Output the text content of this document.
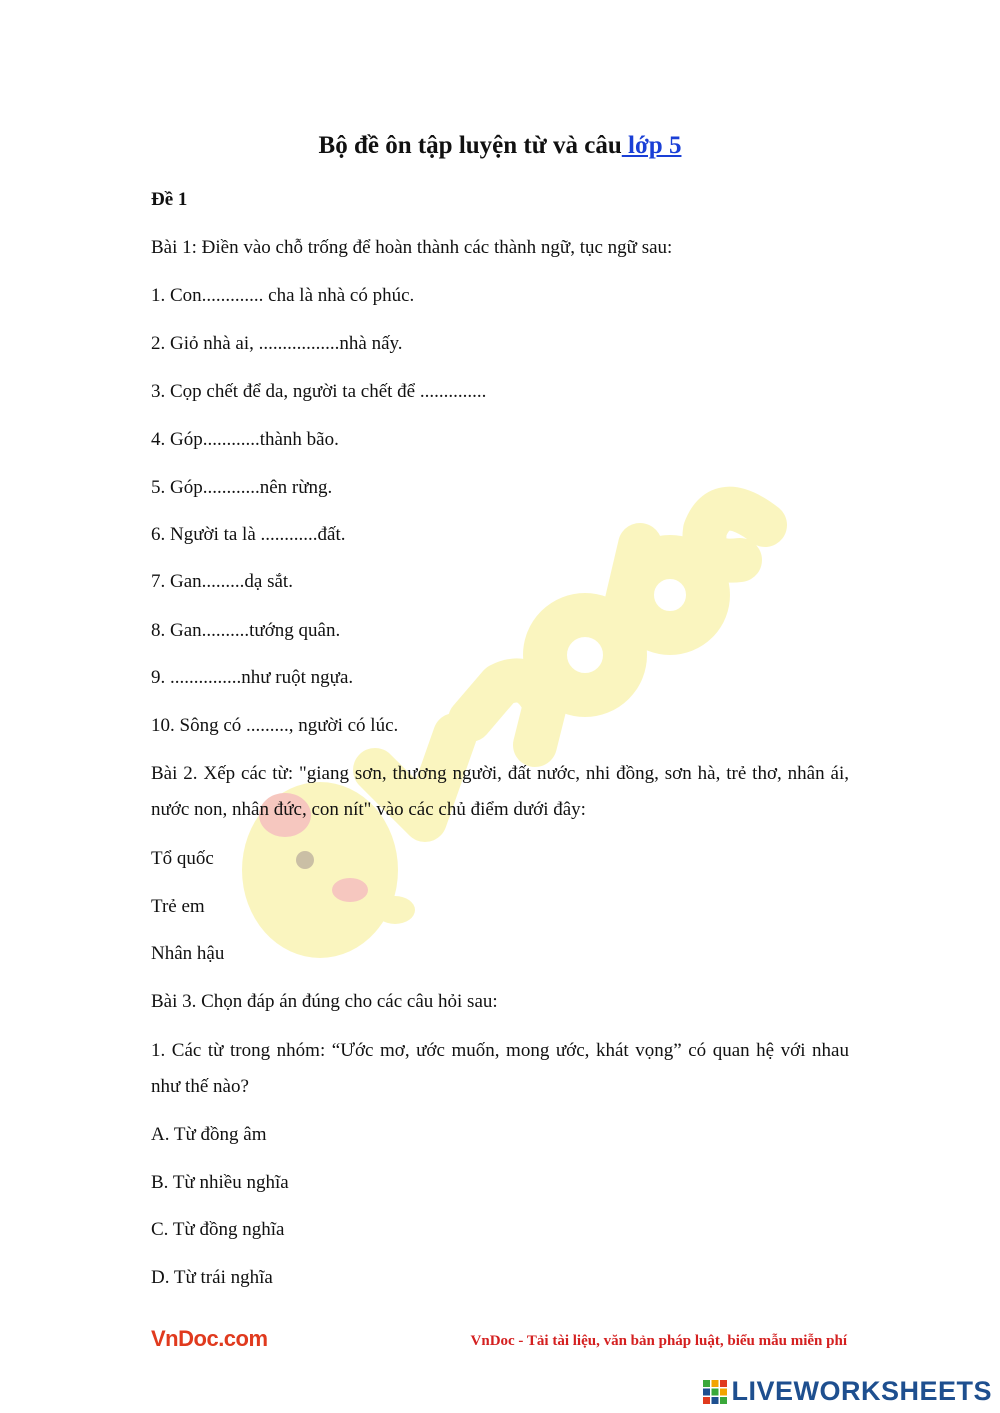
Bộ đề ôn tập luyện từ và câu lớp 5
Đề 1
Bài 1: Điền vào chỗ trống để hoàn thành các thành ngữ, tục ngữ sau:
1. Con............. cha là nhà có phúc.
2. Giỏ nhà ai, .................nhà nấy.
3. Cọp chết để da, người ta chết để ..............
4. Góp............thành bão.
5. Góp............nên rừng.
6. Người ta là ............đất.
7. Gan.........dạ sắt.
8. Gan..........tướng quân.
9. ...............như ruột ngựa.
10. Sông có ........., người có lúc.
Bài 2. Xếp các từ: "giang sơn, thương người, đất nước, nhi đồng, sơn hà, trẻ thơ, nhân ái, nước non, nhân đức, con nít" vào các chủ điểm dưới đây:
Tổ quốc
Trẻ em
Nhân hậu
Bài 3. Chọn đáp án đúng cho các câu hỏi sau:
1. Các từ trong nhóm: “Ước mơ, ước muốn, mong ước, khát vọng” có quan hệ với nhau như thế nào?
A. Từ đồng âm
B. Từ nhiều nghĩa
C. Từ đồng nghĩa
D. Từ trái nghĩa
VnDoc.com	VnDoc - Tải tài liệu, văn bản pháp luật, biểu mẫu miễn phí
LIVEWORKSHEETS
